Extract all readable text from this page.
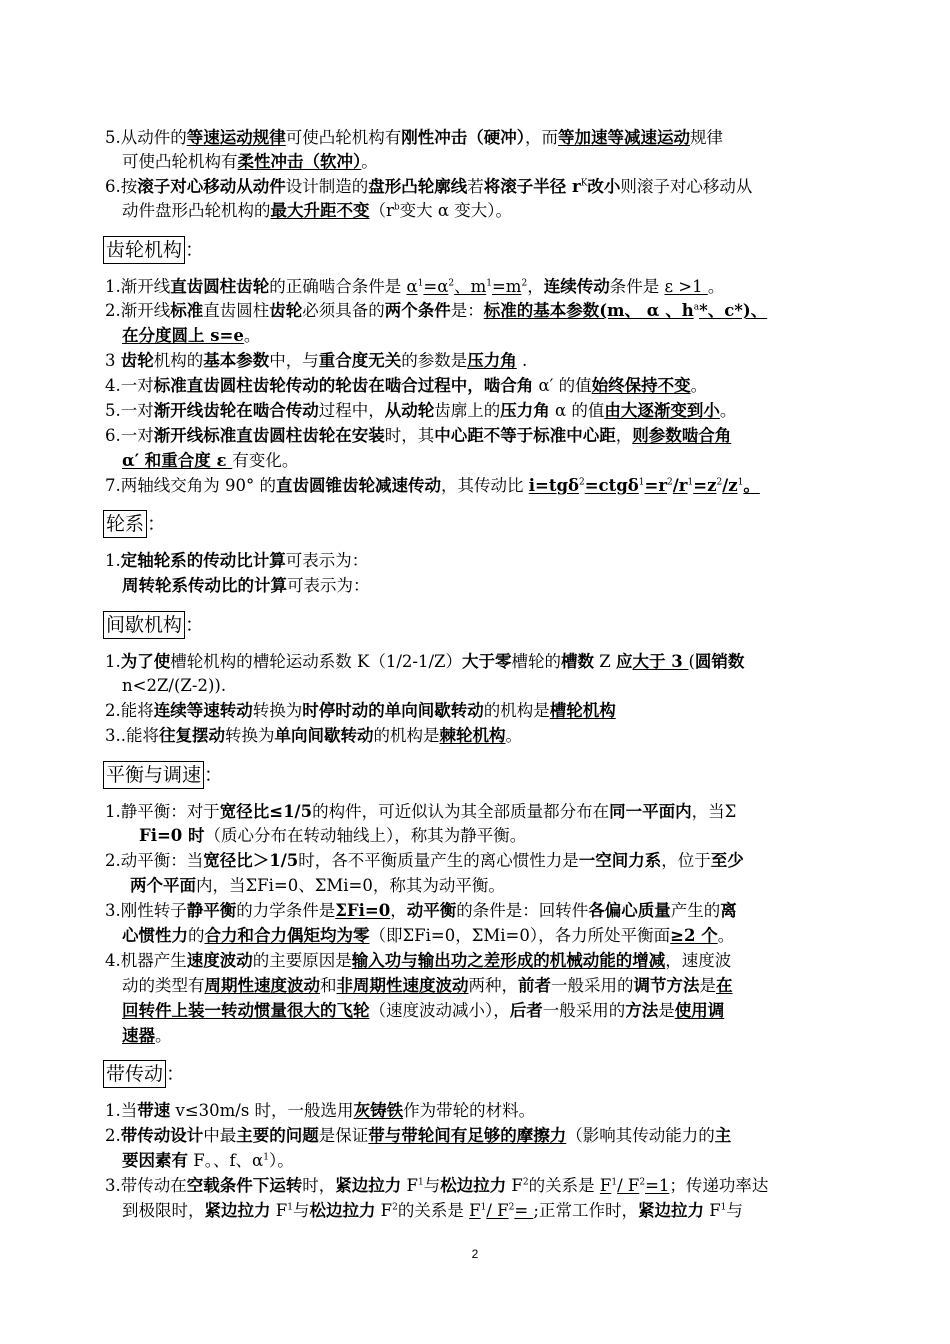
5.从动件的等速运动规律可使凸轮机构有刚性冲击（硬冲），而等加速等减速运动规律
可使凸轮机构有柔性冲击（软冲）。
6.按滚子对心移动从动件设计制造的盘形凸轮廓线若将滚子半径 $r^K$改小则滚子对心移动从
动件盘形凸轮机构的最大升距不变（$r^b$变大 α 变大）。
齿轮机构 ：
1.渐开线直齿圆柱齿轮的正确啮合条件是 $\alpha^1=\alpha^2$、$m^1=m^2$，连续传动条件是 ε >1 。
2.渐开线标准直齿圆柱齿轮必须具备的两个条件是：标准的基本参数(m、 α 、$h^a*$、c*)、
在分度圆上 s=e。
3 齿轮机构的基本参数中，与重合度无关的参数是压力角 .
4.一对标准直齿圆柱齿轮传动的轮齿在啮合过程中，啮合角 α′ 的值始终保持不变。
5.一对渐开线齿轮在啮合传动过程中，从动轮齿廓上的压力角 α 的值由大逐渐变到小。
6.一对渐开线标准直齿圆柱齿轮在安装时，其中心距不等于标准中心距，则参数啮合角
α′ 和重合度 ε 有变化。
7.两轴线交角为 90° 的直齿圆锥齿轮减速传动，其传动比 $i=tg\delta^2=ctg\delta^1=r^2/r^1=z^2/z^1$。
轮系 ：
1.定轴轮系的传动比计算可表示为：
周转轮系传动比的计算可表示为：
间歇机构：
1.为了使槽轮机构的槽轮运动系数 K（1/2-1/Z）大于零槽轮的槽数 Z 应大于 3 (圆销数
n<2Z/(Z-2)).
2.能将连续等速转动转换为时停时动的单向间歇转动的机构是槽轮机构
3..能将往复摆动转换为单向间歇转动的机构是棘轮机构。
平衡与调速 ：
1.静平衡：对于宽径比≤1/5的构件，可近似认为其全部质量都分布在同一平面内，当Σ
Fi=0 时（质心分布在转动轴线上），称其为静平衡。
2.动平衡：当宽径比＞1/5时，各不平衡质量产生的离心惯性力是一空间力系，位于至少
两个平面内，当ΣFi=0、ΣMi=0，称其为动平衡。
3.刚性转子静平衡的力学条件是ΣFi=0，动平衡的条件是：回转件各偏心质量产生的离
心惯性力的合力和合力偶矩均为零（即ΣFi=0，ΣMi=0），各力所处平衡面≥2 个。
4.机器产生速度波动的主要原因是输入功与输出功之差形成的机械动能的增减，速度波
动的类型有周期性速度波动和非周期性速度波动两种，前者一般采用的调节方法是在
回转件上装一转动惯量很大的飞轮（速度波动减小），后者一般采用的方法是使用调
速器。
带传动 ：
1.当带速 v≤30m/s 时，一般选用灰铸铁作为带轮的材料。
2.带传动设计中最主要的问题是保证带与带轮间有足够的摩擦力（影响其传动能力的主
要因素有 F。、f、$\alpha^1$）。
3.带传动在空载条件下运转时，紧边拉力 $F^1$与松边拉力 $F^2$的关系是 $F^1/$ $F^2=1$；传递功率达
到极限时，紧边拉力 $F^1$与松边拉力 $F^2$的关系是 $F^1/$ $F^2=$ ;正常工作时，紧边拉力 $F^1$与
2
